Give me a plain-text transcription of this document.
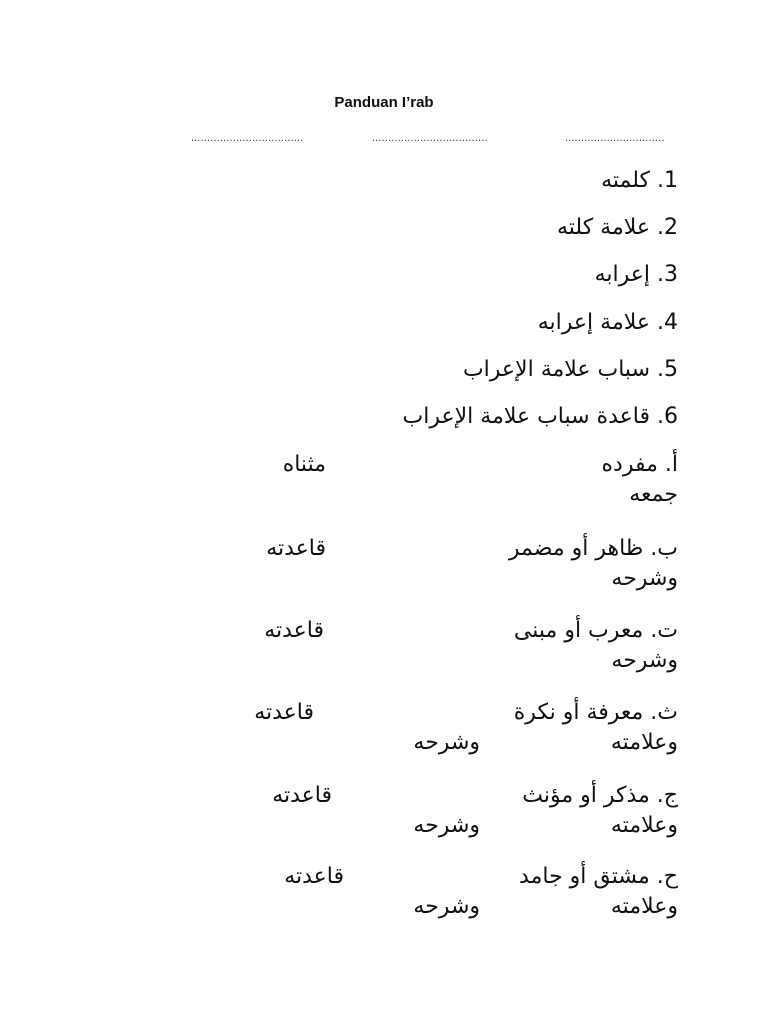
Panduan I’rab
...................................	....................................	...............................
1. كلمته
2. علامة كلته
3. إعرابه
4. علامة إعرابه
5. سباب علامة الإعراب
6. قاعدة سباب علامة الإعراب
أ. مفرده
مثناه
جمعه
ب. ظاهر أو مضمر
قاعدته
وشرحه
ت. معرب أو مبنى
قاعدته
وشرحه
ث. معرفة أو نكرة
قاعدته
وعلامته
وشرحه
ج. مذكر أو مؤنث
قاعدته
وعلامته
وشرحه
ح. مشتق أو جامد
قاعدته
وعلامته
وشرحه
